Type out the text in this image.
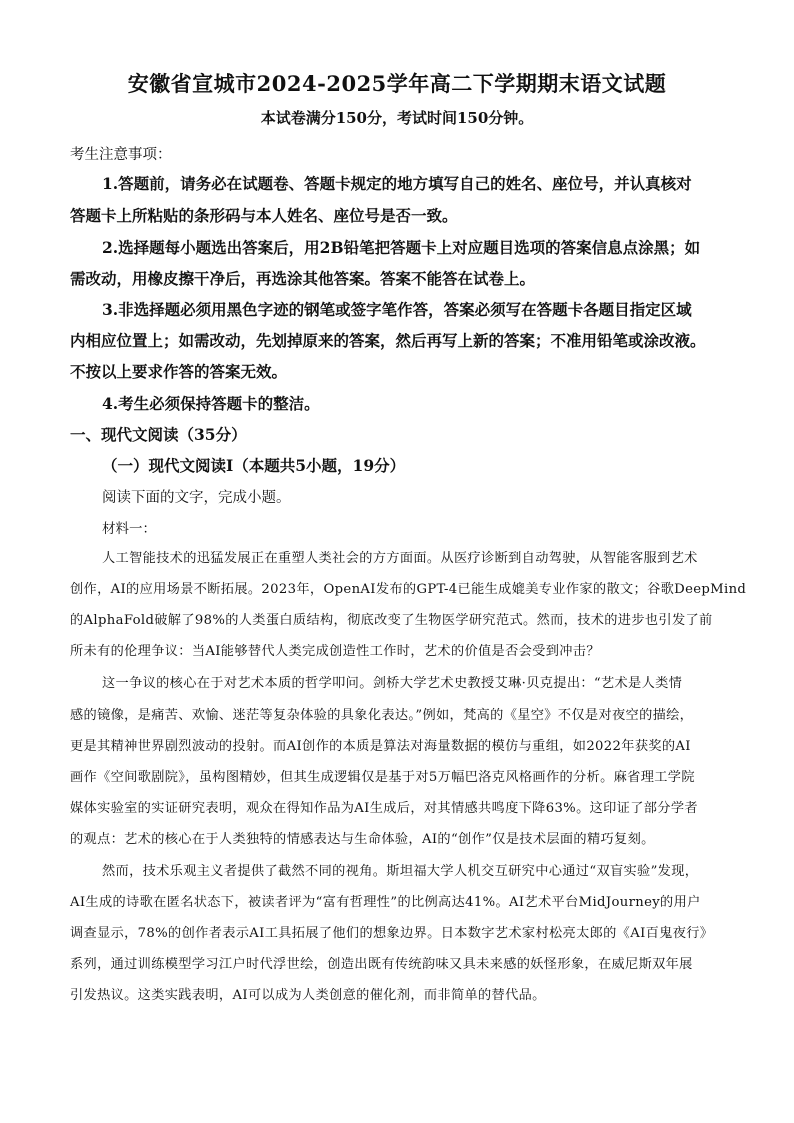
安徽省宣城市2024-2025学年高二下学期期末语文试题
本试卷满分150分，考试时间150分钟。
考生注意事项：
1.答题前，请务必在试题卷、答题卡规定的地方填写自己的姓名、座位号，并认真核对
答题卡上所粘贴的条形码与本人姓名、座位号是否一致。
2.选择题每小题选出答案后，用2B铅笔把答题卡上对应题目选项的答案信息点涂黑；如
需改动，用橡皮擦干净后，再选涂其他答案。答案不能答在试卷上。
3.非选择题必须用黑色字迹的钢笔或签字笔作答，答案必须写在答题卡各题目指定区域
内相应位置上；如需改动，先划掉原来的答案，然后再写上新的答案；不准用铅笔或涂改液。
不按以上要求作答的答案无效。
4.考生必须保持答题卡的整洁。
一、现代文阅读（35分）
（一）现代文阅读Ⅰ（本题共5小题，19分）
阅读下面的文字，完成小题。
材料一：
人工智能技术的迅猛发展正在重塑人类社会的方方面面。从医疗诊断到自动驾驶，从智能客服到艺术
创作，AI的应用场景不断拓展。2023年，OpenAI发布的GPT-4已能生成媲美专业作家的散文；谷歌DeepMind
的AlphaFold破解了98%的人类蛋白质结构，彻底改变了生物医学研究范式。然而，技术的进步也引发了前
所未有的伦理争议：当AI能够替代人类完成创造性工作时，艺术的价值是否会受到冲击？
这一争议的核心在于对艺术本质的哲学叩问。剑桥大学艺术史教授艾琳·贝克提出：“艺术是人类情
感的镜像，是痛苦、欢愉、迷茫等复杂体验的具象化表达。”例如，梵高的《星空》不仅是对夜空的描绘，
更是其精神世界剧烈波动的投射。而AI创作的本质是算法对海量数据的模仿与重组，如2022年获奖的AI
画作《空间歌剧院》，虽构图精妙，但其生成逻辑仅是基于对5万幅巴洛克风格画作的分析。麻省理工学院
媒体实验室的实证研究表明，观众在得知作品为AI生成后，对其情感共鸣度下降63%。这印证了部分学者
的观点：艺术的核心在于人类独特的情感表达与生命体验，AI的“创作”仅是技术层面的精巧复刻。
然而，技术乐观主义者提供了截然不同的视角。斯坦福大学人机交互研究中心通过“双盲实验”发现，
AI生成的诗歌在匿名状态下，被读者评为“富有哲理性”的比例高达41%。AI艺术平台MidJourney的用户
调查显示，78%的创作者表示AI工具拓展了他们的想象边界。日本数字艺术家村松亮太郎的《AI百鬼夜行》
系列，通过训练模型学习江户时代浮世绘，创造出既有传统韵味又具未来感的妖怪形象，在威尼斯双年展
引发热议。这类实践表明，AI可以成为人类创意的催化剂，而非简单的替代品。
